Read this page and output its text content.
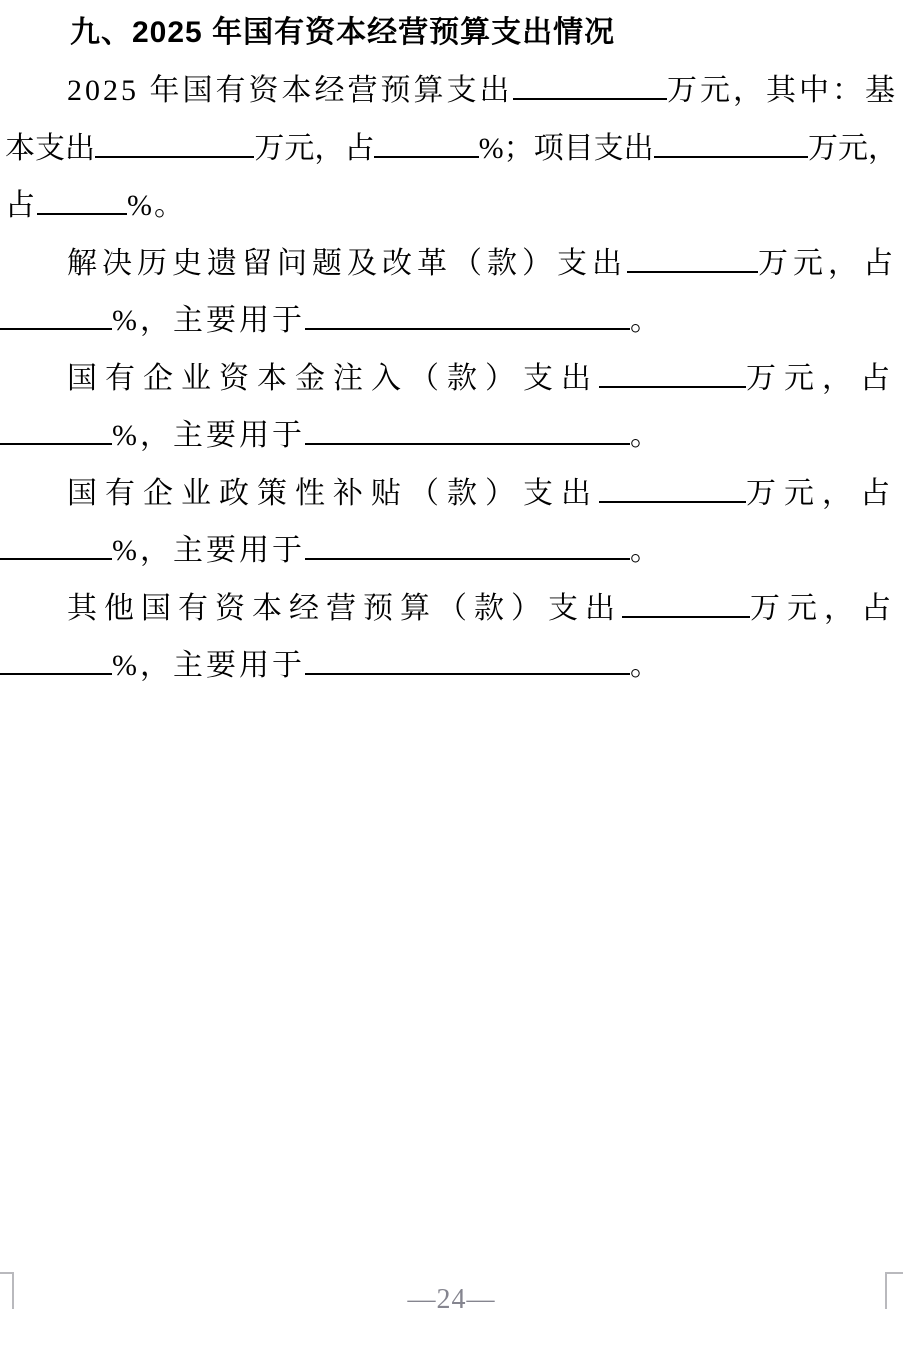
九、2025 年国有资本经营预算支出情况
2025 年国有资本经营预算支出	万元，其中：基
本支出	万元，占	%；项目支出	万元，
占	%。
解决历史遗留问题及改革（款）支出	万元，占
%，主要用于	。
国有企业资本金注入（款）支出	万元，占
%，主要用于	。
国有企业政策性补贴（款）支出	万元，占
%，主要用于	。
其他国有资本经营预算（款）支出	万元，占
%，主要用于	。
—24—
